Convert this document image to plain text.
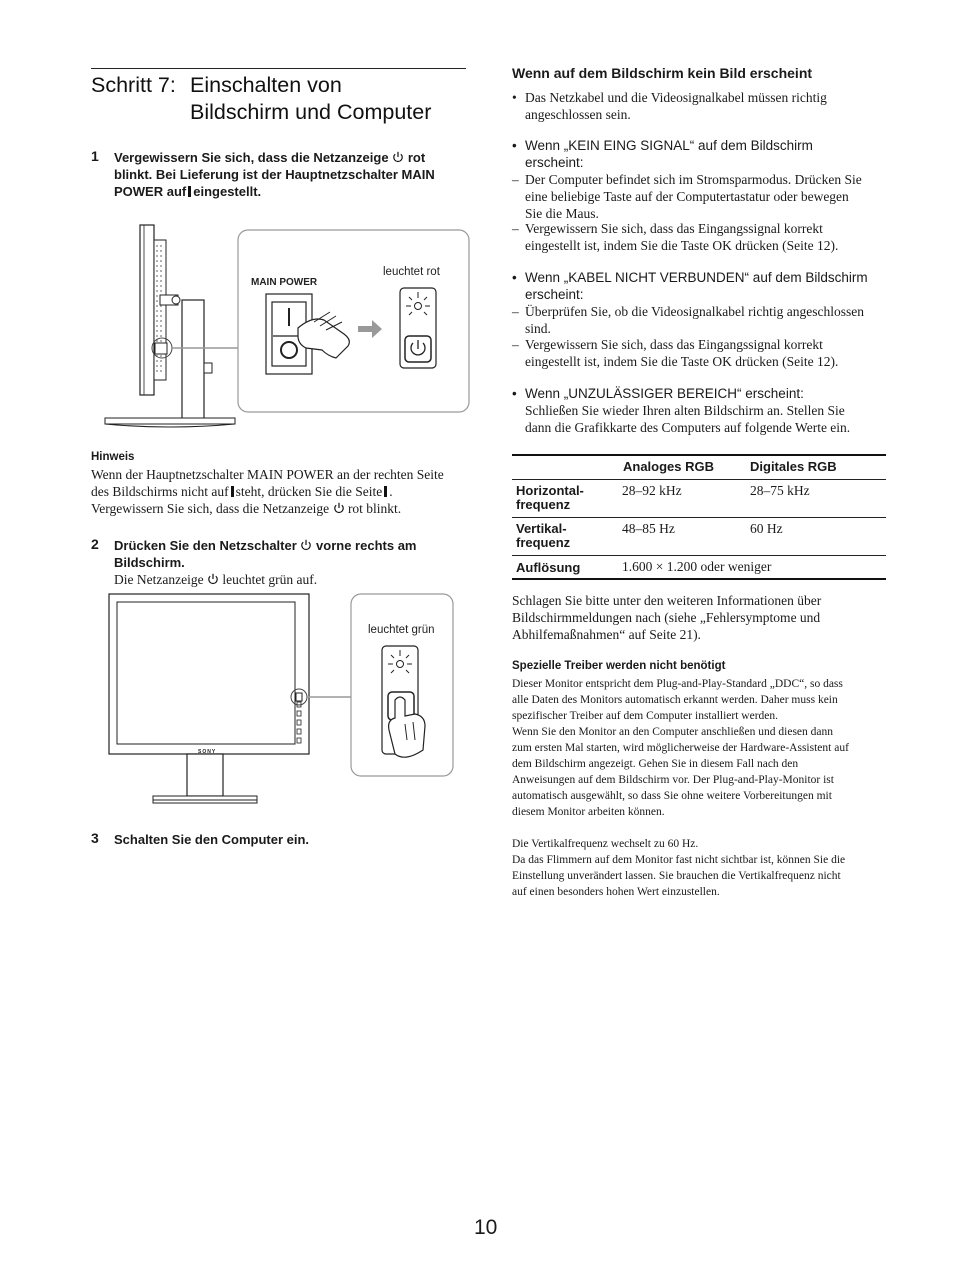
Schritt 7: Einschalten von
Bildschirm und Computer
1 Vergewissern Sie sich, dass die Netzanzeige rot
blinkt. Bei Lieferung ist der Hauptnetzschalter MAIN
POWER auf eingestellt.
MAIN POWER
leuchtet rot
Hinweis
Wenn der Hauptnetzschalter MAIN POWER an der rechten Seite
des Bildschirms nicht auf steht, drücken Sie die Seite .
Vergewissern Sie sich, dass die Netzanzeige rot blinkt.
2 Drücken Sie den Netzschalter vorne rechts am
Bildschirm.
Die Netzanzeige leuchtet grün auf.
SONY
leuchtet grün
3 Schalten Sie den Computer ein.
Wenn auf dem Bildschirm kein Bild erscheint
• Das Netzkabel und die Videosignalkabel müssen richtig
angeschlossen sein.
• Wenn „KEIN EING SIGNAL“ auf dem Bildschirm
erscheint:
– Der Computer befindet sich im Stromsparmodus. Drücken Sie
eine beliebige Taste auf der Computertastatur oder bewegen
Sie die Maus.
– Vergewissern Sie sich, dass das Eingangssignal korrekt
eingestellt ist, indem Sie die Taste OK drücken (Seite 12).
• Wenn „KABEL NICHT VERBUNDEN“ auf dem Bildschirm
erscheint:
– Überprüfen Sie, ob die Videosignalkabel richtig angeschlossen
sind.
– Vergewissern Sie sich, dass das Eingangssignal korrekt
eingestellt ist, indem Sie die Taste OK drücken (Seite 12).
• Wenn „UNZULÄSSIGER BEREICH“ erscheint:
Schließen Sie wieder Ihren alten Bildschirm an. Stellen Sie
dann die Grafikkarte des Computers auf folgende Werte ein.
Analoges RGB	Digitales RGB
Horizontal-
frequenz
28–92 kHz	28–75 kHz
Vertikal-
frequenz
48–85 Hz	60 Hz
Auflösung	1.600 × 1.200 oder weniger
Schlagen Sie bitte unter den weiteren Informationen über
Bildschirmmeldungen nach (siehe „Fehlersymptome und
Abhilfemaßnahmen“ auf Seite 21).
Spezielle Treiber werden nicht benötigt
Dieser Monitor entspricht dem Plug-and-Play-Standard „DDC“, so dass
alle Daten des Monitors automatisch erkannt werden. Daher muss kein
spezifischer Treiber auf dem Computer installiert werden.
Wenn Sie den Monitor an den Computer anschließen und diesen dann
zum ersten Mal starten, wird möglicherweise der Hardware-Assistent auf
dem Bildschirm angezeigt. Gehen Sie in diesem Fall nach den
Anweisungen auf dem Bildschirm vor. Der Plug-and-Play-Monitor ist
automatisch ausgewählt, so dass Sie ohne weitere Vorbereitungen mit
diesem Monitor arbeiten können.
Die Vertikalfrequenz wechselt zu 60 Hz.
Da das Flimmern auf dem Monitor fast nicht sichtbar ist, können Sie die
Einstellung unverändert lassen. Sie brauchen die Vertikalfrequenz nicht
auf einen besonders hohen Wert einzustellen.
10
